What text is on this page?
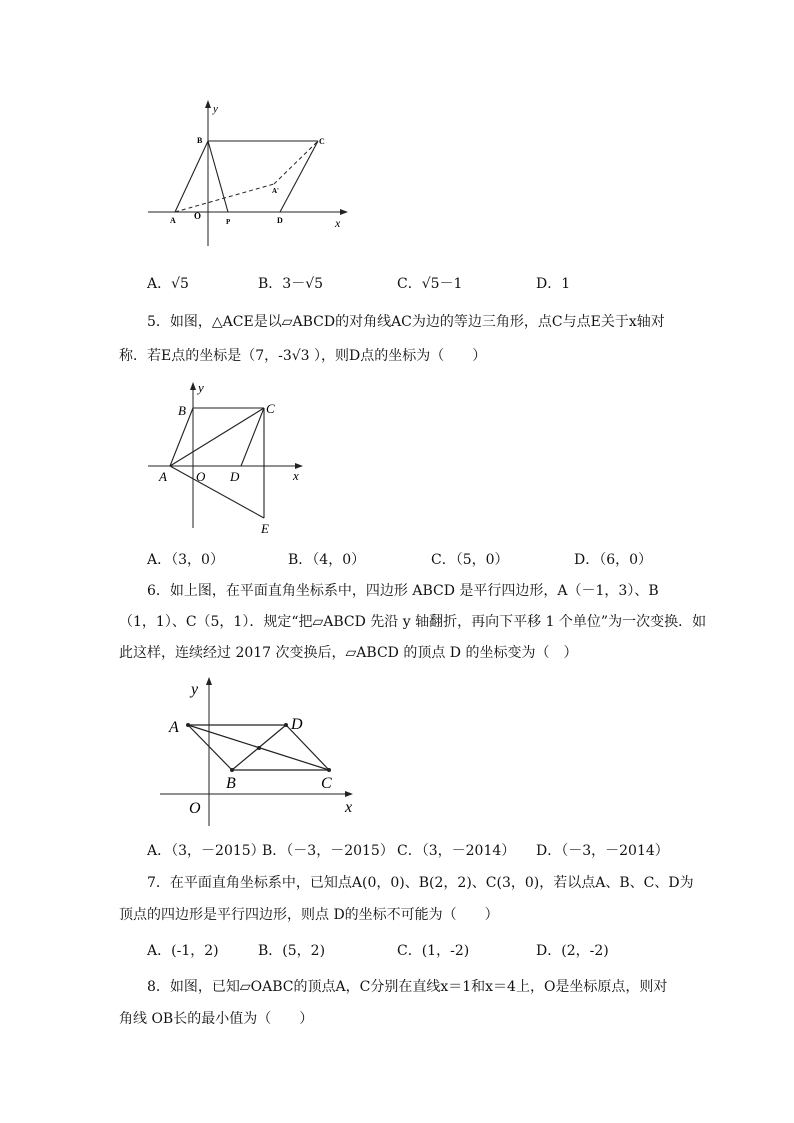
y
x
B	C
A'
A O
P	D
A．√5	B．3－√5	C．√5－1	D．1
5．如图，△ACE是以▱ABCD的对角线AC为边的等边三角形，点C与点E关于x轴对
称．若E点的坐标是（7，-3√3 ），则D点的坐标为（　　）
y
x
B	C
A O D
E
A．（3，0）	B．（4，0）	C．（5，0）	D．（6，0）
6．如上图，在平面直角坐标系中，四边形 ABCD 是平行四边形，A（－1，3）、B
（1，1）、C（5，1）．规定“把▱ABCD 先沿 y 轴翻折，再向下平移 1 个单位”为一次变换．如
此这样，连续经过 2017 次变换后，▱ABCD 的顶点 D 的坐标变为（　）
y
x
A	D
B	C
O
A．（3，－2015）
B．（－3，－2015） C．（3，－2014） D．（－3，－2014）
7．在平面直角坐标系中，已知点A(0，0)、B(2，2)、C(3，0)，若以点A、B、C、D为
顶点的四边形是平行四边形，则点 D的坐标不可能为（　　）
A．(-1，2)	B．(5，2)	C．(1，-2)	D．(2，-2)
8．如图，已知▱OABC的顶点A，C分别在直线x＝1和x＝4上，O是坐标原点，则对
角线 OB长的最小值为（　　）
